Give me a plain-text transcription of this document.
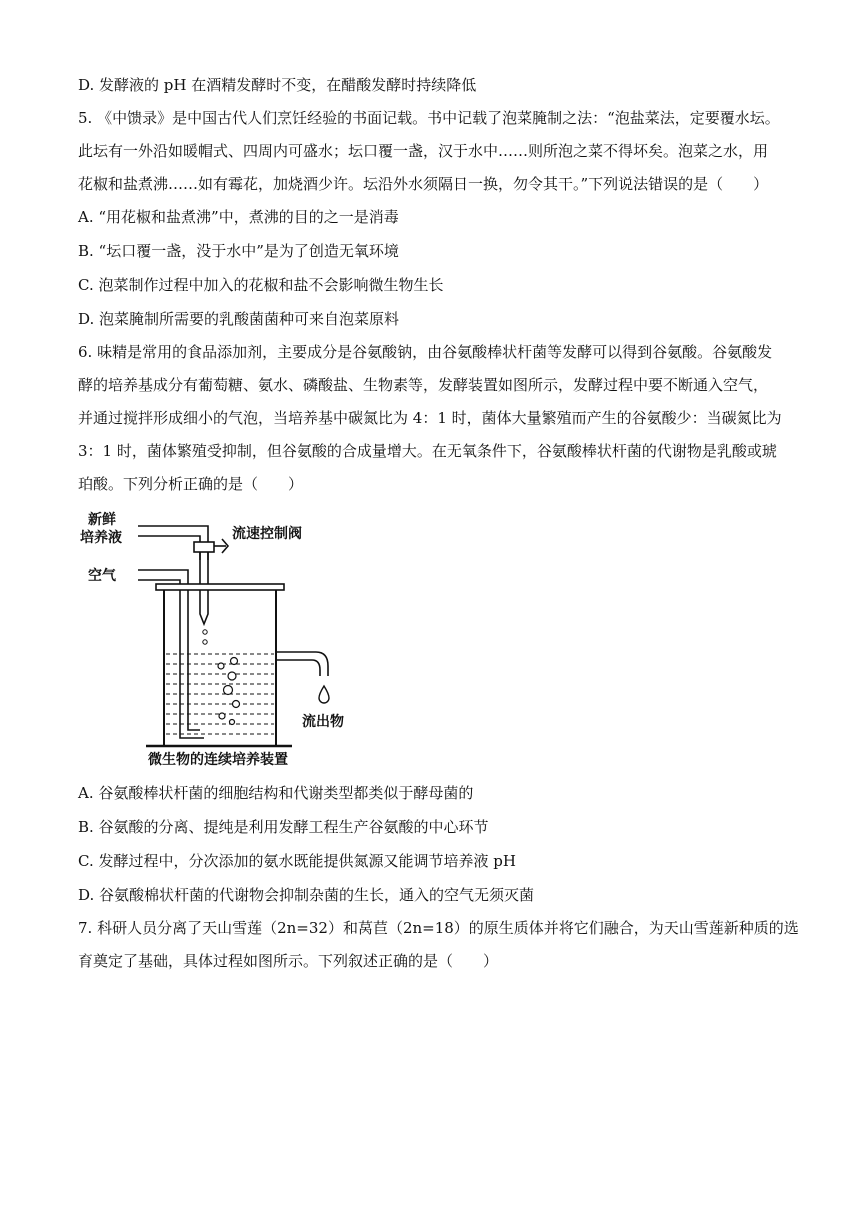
D. 发酵液的 pH 在酒精发酵时不变，在醋酸发酵时持续降低
5. 《中馈录》是中国古代人们烹饪经验的书面记载。书中记载了泡菜腌制之法：“泡盐菜法，定要覆水坛。
此坛有一外沿如暖帽式、四周内可盛水；坛口覆一盏，汉于水中……则所泡之菜不得坏矣。泡菜之水，用
花椒和盐煮沸……如有霉花，加烧酒少许。坛沿外水须隔日一换，勿令其干。”下列说法错误的是（　　）
A. “用花椒和盐煮沸”中，煮沸的目的之一是消毒
B. “坛口覆一盏，没于水中”是为了创造无氧环境
C. 泡菜制作过程中加入的花椒和盐不会影响微生物生长
D. 泡菜腌制所需要的乳酸菌菌种可来自泡菜原料
6. 味精是常用的食品添加剂，主要成分是谷氨酸钠，由谷氨酸棒状杆菌等发酵可以得到谷氨酸。谷氨酸发
酵的培养基成分有葡萄糖、氨水、磷酸盐、生物素等，发酵装置如图所示，发酵过程中要不断通入空气，
并通过搅拌形成细小的气泡，当培养基中碳氮比为 4：1 时，菌体大量繁殖而产生的谷氨酸少：当碳氮比为
3：1 时，菌体繁殖受抑制，但谷氨酸的合成量增大。在无氧条件下，谷氨酸棒状杆菌的代谢物是乳酸或琥
珀酸。下列分析正确的是（　　）
新鲜
培养液	流速控制阀
空气
流出物
微生物的连续培养装置
A. 谷氨酸棒状杆菌的细胞结构和代谢类型都类似于酵母菌的
B. 谷氨酸的分离、提纯是利用发酵工程生产谷氨酸的中心环节
C. 发酵过程中，分次添加的氨水既能提供氮源又能调节培养液 pH
D. 谷氨酸棉状杆菌的代谢物会抑制杂菌的生长，通入的空气无须灭菌
7. 科研人员分离了天山雪莲（2n=32）和莴苣（2n=18）的原生质体并将它们融合，为天山雪莲新种质的选
育奠定了基础，具体过程如图所示。下列叙述正确的是（　　）
